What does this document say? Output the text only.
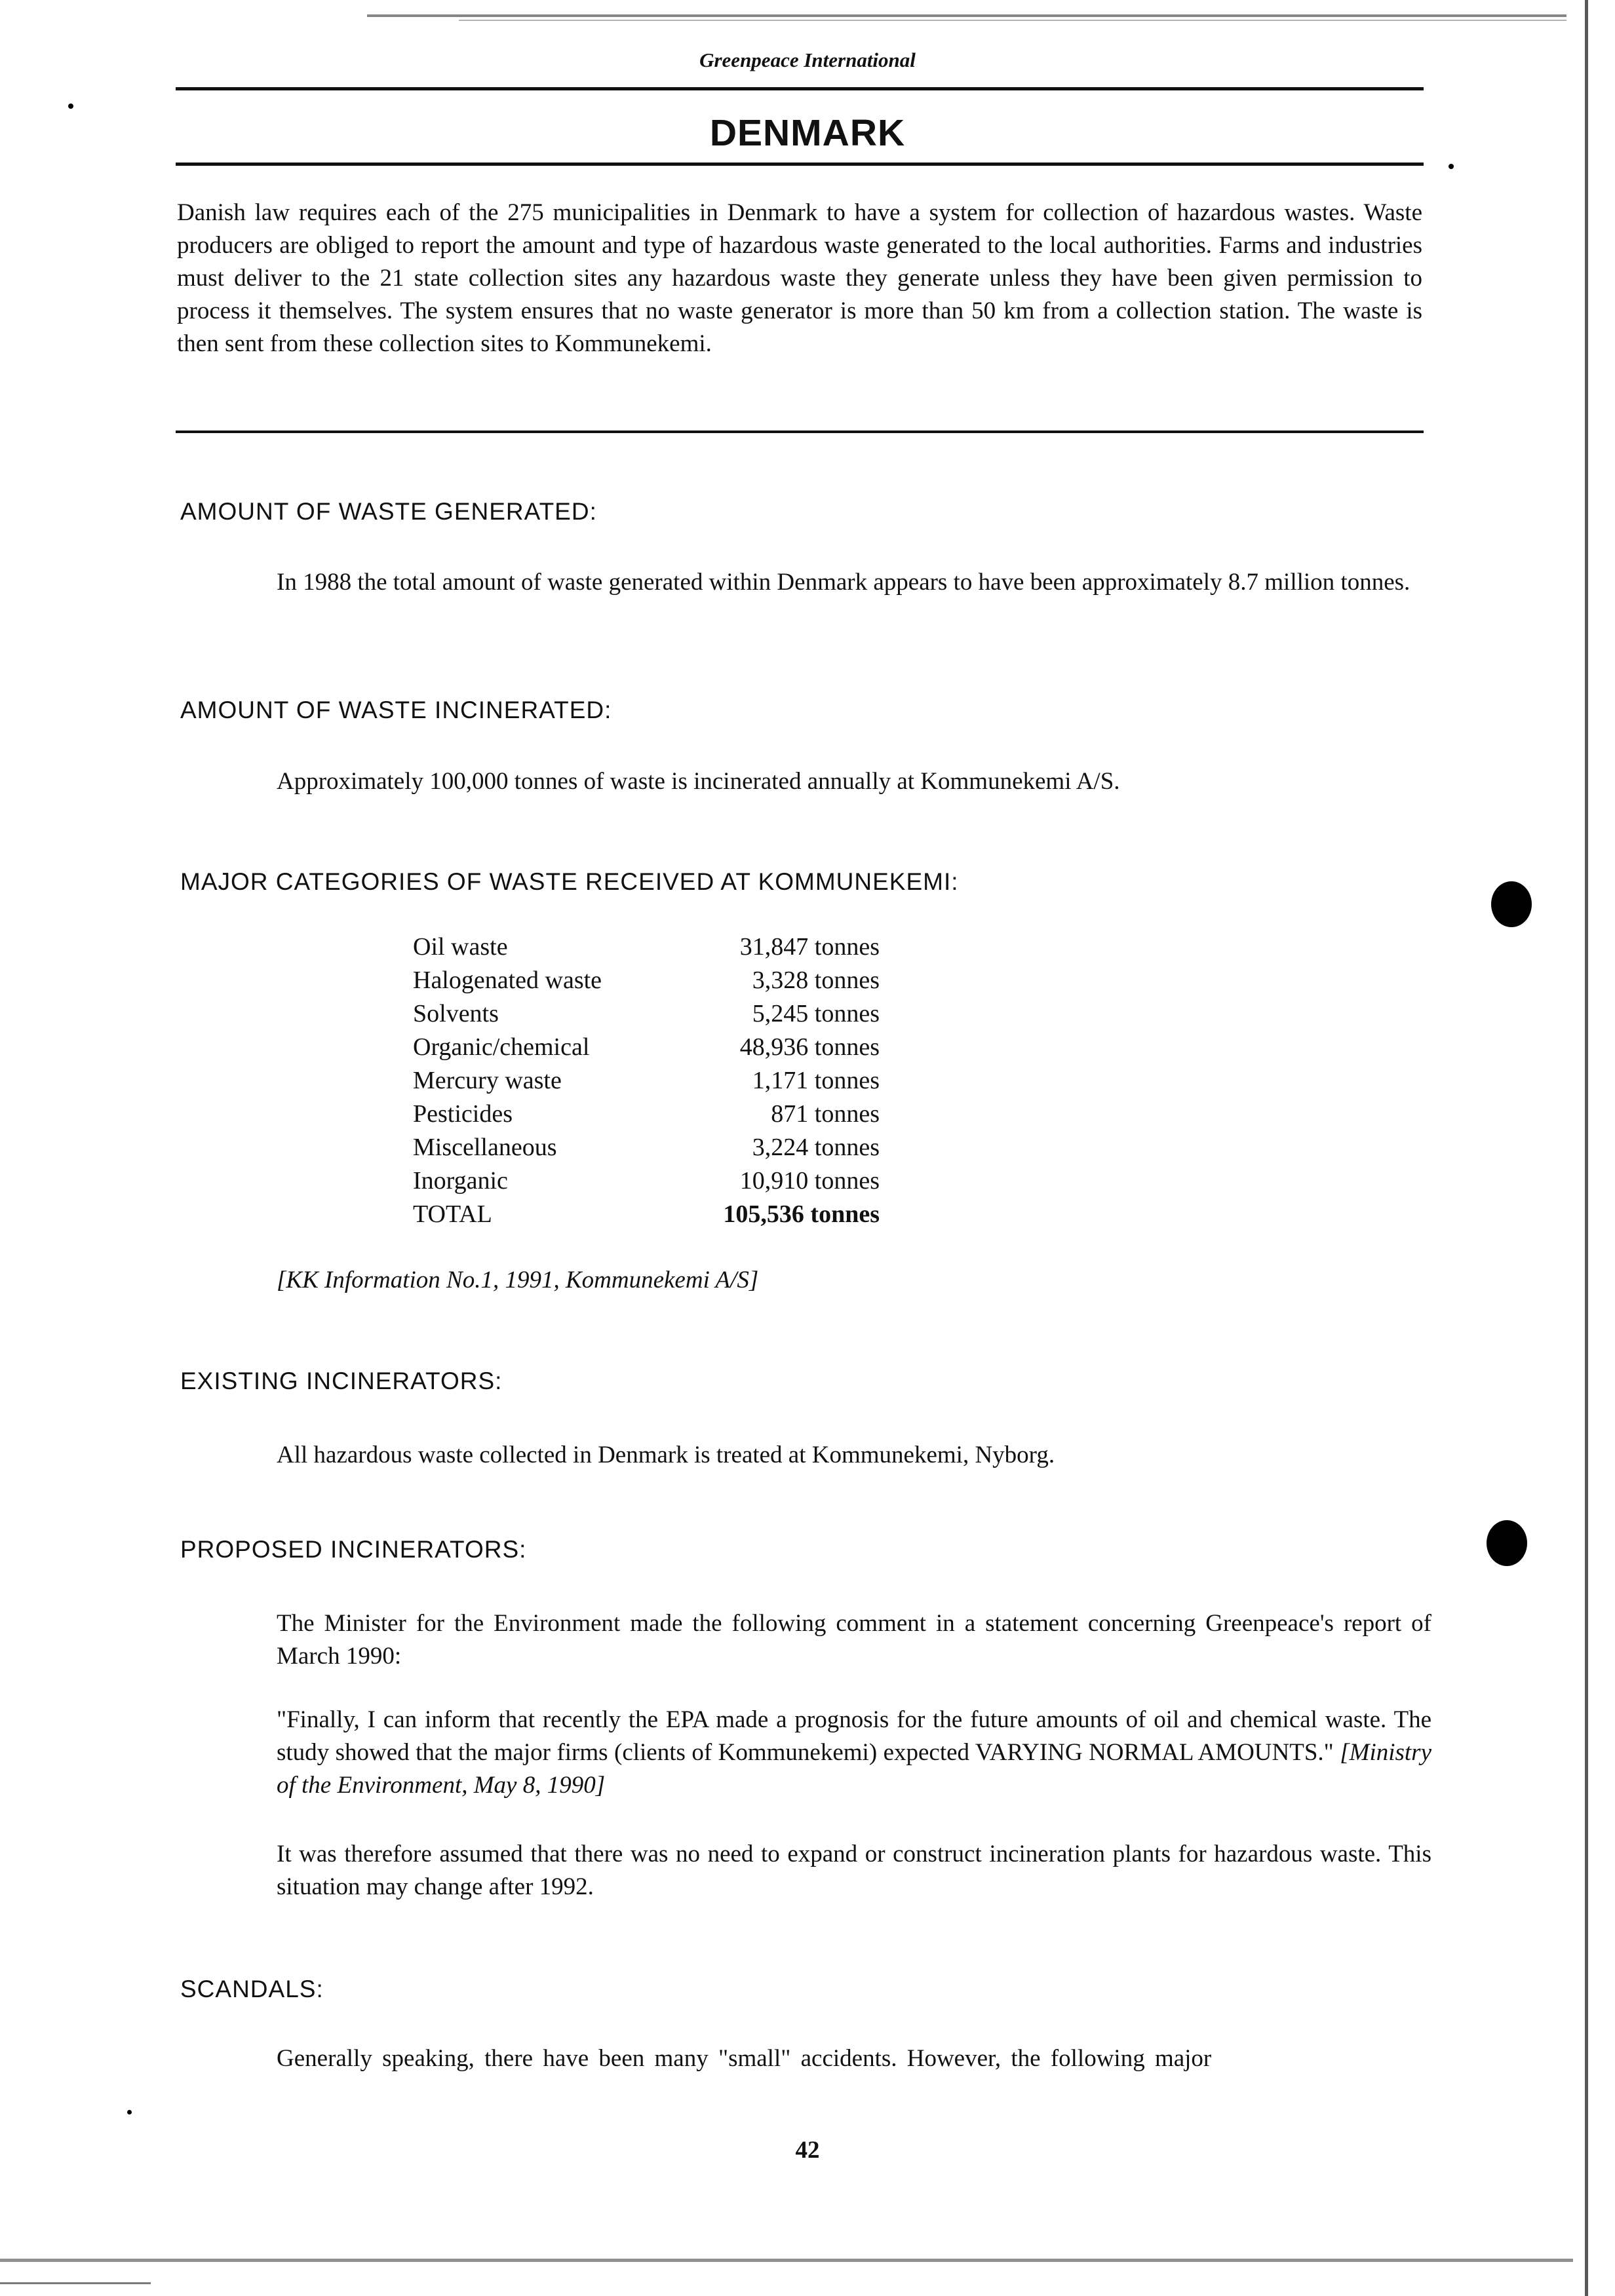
Greenpeace International
DENMARK
Danish law requires each of the 275 municipalities in Denmark to have a system for collection of hazardous wastes. Waste producers are obliged to report the amount and type of hazardous waste generated to the local authorities. Farms and industries must deliver to the 21 state collection sites any hazardous waste they generate unless they have been given permission to process it themselves. The system ensures that no waste generator is more than 50 km from a collection station. The waste is then sent from these collection sites to Kommunekemi.
AMOUNT OF WASTE GENERATED:
In 1988 the total amount of waste generated within Denmark appears to have been approximately 8.7 million tonnes.
AMOUNT OF WASTE INCINERATED:
Approximately 100,000 tonnes of waste is incinerated annually at Kommunekemi A/S.
MAJOR CATEGORIES OF WASTE RECEIVED AT KOMMUNEKEMI:
Oil waste	31,847 tonnes
Halogenated waste	3,328 tonnes
Solvents	5,245 tonnes
Organic/chemical	48,936 tonnes
Mercury waste	1,171 tonnes
Pesticides	871 tonnes
Miscellaneous	3,224 tonnes
Inorganic	10,910 tonnes
TOTAL	105,536 tonnes
[KK Information No.1, 1991, Kommunekemi A/S]
EXISTING INCINERATORS:
All hazardous waste collected in Denmark is treated at Kommunekemi, Nyborg.
PROPOSED INCINERATORS:
The Minister for the Environment made the following comment in a statement concerning Greenpeace's report of March 1990:
"Finally, I can inform that recently the EPA made a prognosis for the future amounts of oil and chemical waste. The study showed that the major firms (clients of Kommunekemi) expected VARYING NORMAL AMOUNTS." [Ministry of the Environment, May 8, 1990]
It was therefore assumed that there was no need to expand or construct incineration plants for hazardous waste. This situation may change after 1992.
SCANDALS:
Generally speaking, there have been many "small" accidents. However, the following major
42
